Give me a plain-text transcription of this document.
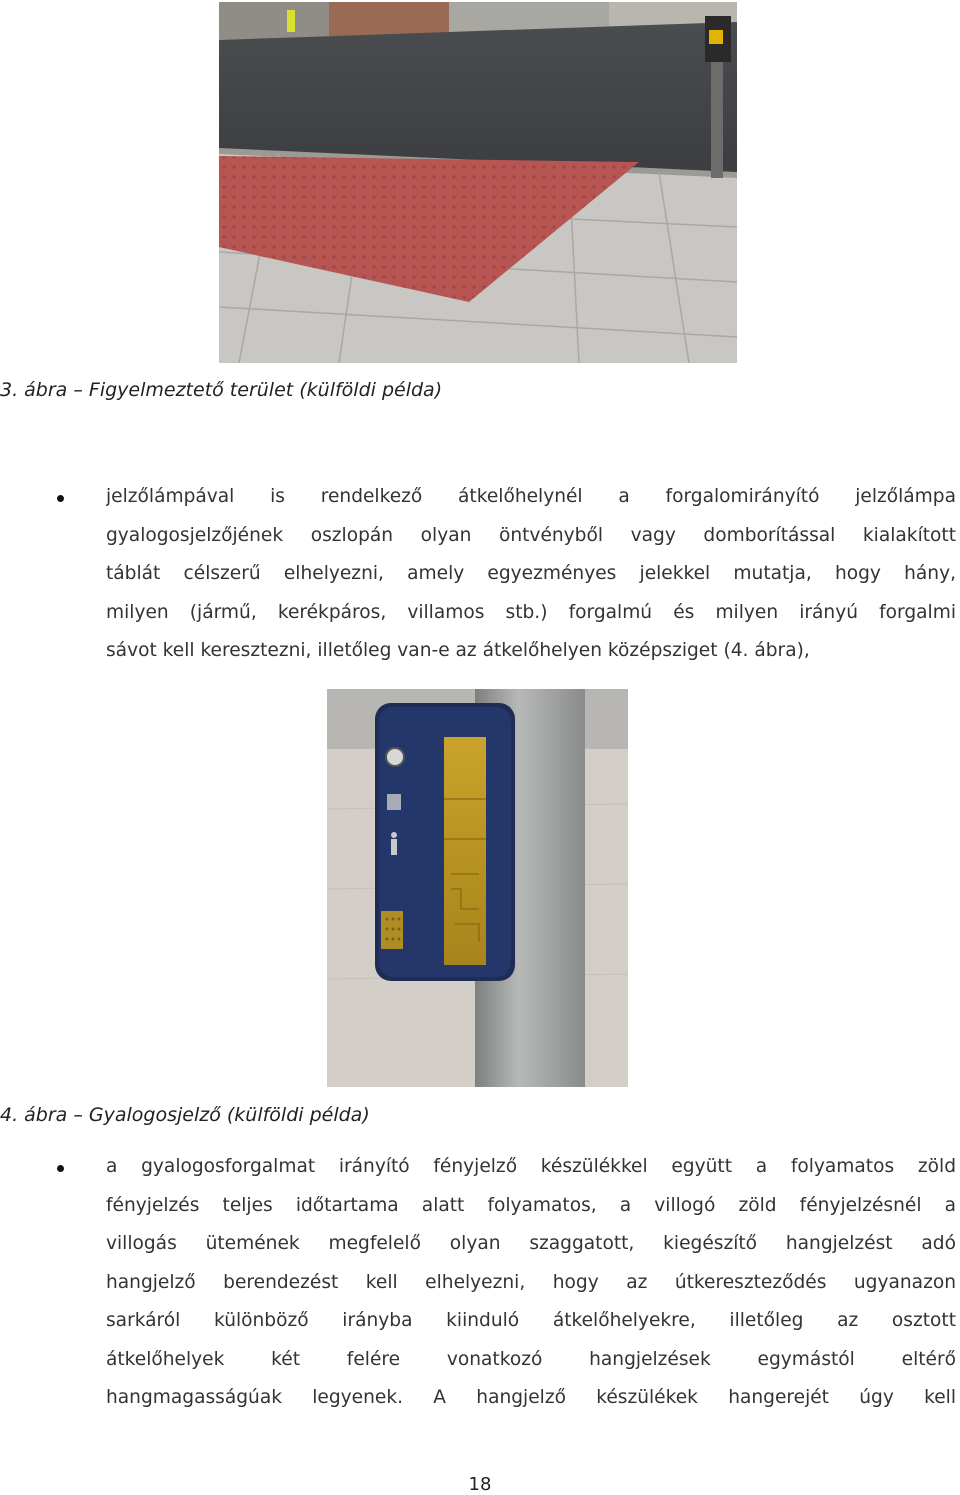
3. ábra – Figyelmeztető terület (külföldi példa)
jelzőlámpával is rendelkező átkelőhelynél a forgalomirányító jelzőlámpa
gyalogosjelzőjének oszlopán olyan öntvényből vagy domborítással kialakított
táblát célszerű elhelyezni, amely egyezményes jelekkel mutatja, hogy hány,
milyen (jármű, kerékpáros, villamos stb.) forgalmú és milyen irányú forgalmi
sávot kell keresztezni, illetőleg van-e az átkelőhelyen középsziget (4. ábra),
4. ábra – Gyalogosjelző (külföldi példa)
a gyalogosforgalmat irányító fényjelző készülékkel együtt a folyamatos zöld
fényjelzés teljes időtartama alatt folyamatos, a villogó zöld fényjelzésnél a
villogás ütemének megfelelő olyan szaggatott, kiegészítő hangjelzést adó
hangjelző berendezést kell elhelyezni, hogy az útkereszteződés ugyanazon
sarkáról különböző irányba kiinduló átkelőhelyekre, illetőleg az osztott
átkelőhelyek két felére vonatkozó hangjelzések egymástól eltérő
hangmagasságúak legyenek. A hangjelző készülékek hangerejét úgy kell
18
